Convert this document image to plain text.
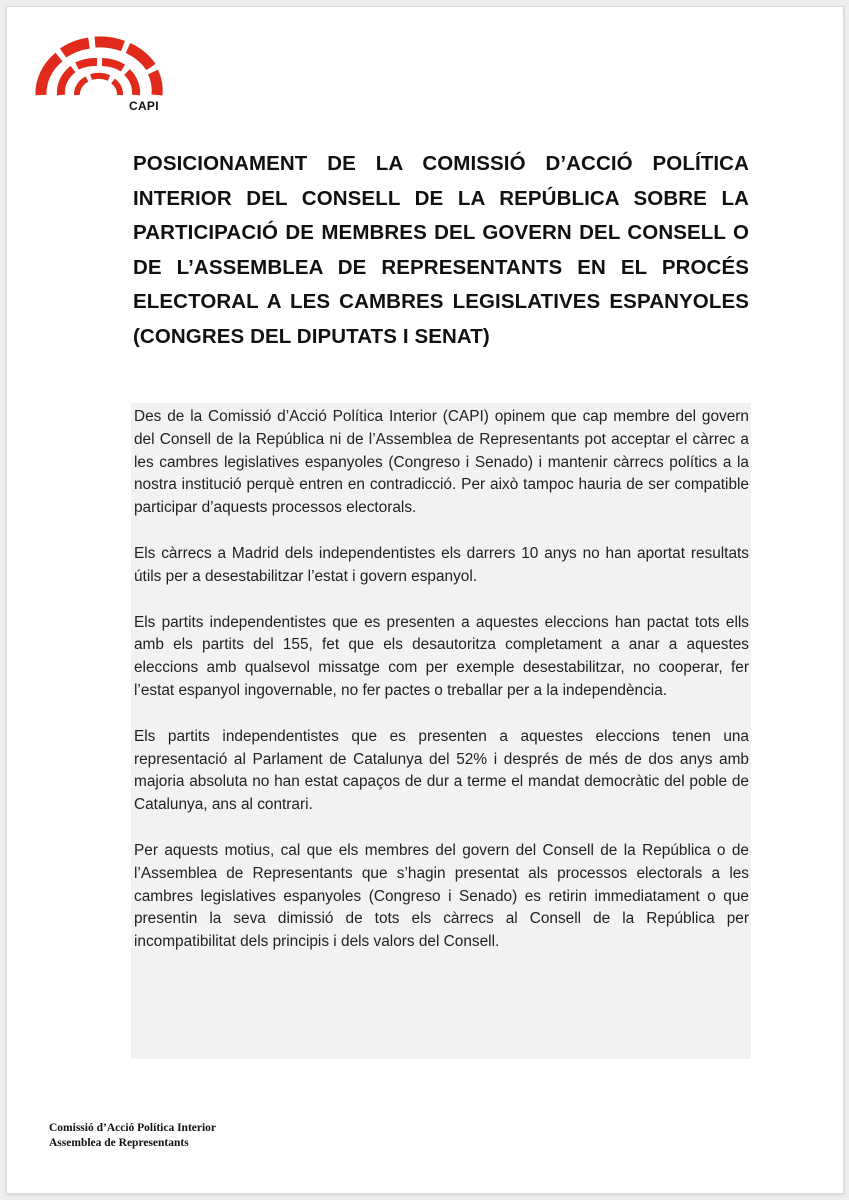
CAPI
POSICIONAMENT DE LA COMISSIÓ D’ACCIÓ POLÍTICA INTERIOR DEL CONSELL DE LA REPÚBLICA SOBRE LA PARTICIPACIÓ DE MEMBRES DEL GOVERN DEL CONSELL O DE L’ASSEMBLEA DE REPRESENTANTS EN EL PROCÉS ELECTORAL A LES CAMBRES LEGISLATIVES ESPANYOLES (CONGRES DEL DIPUTATS I SENAT)

Des de la Comissió d’Acció Política Interior (CAPI) opinem que cap membre del govern del Consell de la República ni de l’Assemblea de Representants pot acceptar el càrrec a les cambres legislatives espanyoles (Congreso i Senado) i mantenir càrrecs polítics a la nostra institució perquè entren en contradicció. Per això tampoc hauria de ser compatible participar d’aquests processos electorals.

Els càrrecs a Madrid dels independentistes els darrers 10 anys no han aportat resultats útils per a desestabilitzar l’estat i govern espanyol.

Els partits independentistes que es presenten a aquestes eleccions han pactat tots ells amb els partits del 155, fet que els desautoritza completament a anar a aquestes eleccions amb qualsevol missatge com per exemple desestabilitzar, no cooperar, fer l’estat espanyol ingovernable, no fer pactes o treballar per a la independència.

Els partits independentistes que es presenten a aquestes eleccions tenen una representació al Parlament de Catalunya del 52% i després de més de dos anys amb majoria absoluta no han estat capaços de dur a terme el mandat democràtic del poble de Catalunya, ans al contrari.

Per aquests motius, cal que els membres del govern del Consell de la República o de l’Assemblea de Representants que s’hagin presentat als processos electorals a les cambres legislatives espanyoles (Congreso i Senado) es retirin immediatament o que presentin la seva dimissió de tots els càrrecs al Consell de la República per incompatibilitat dels principis i dels valors del Consell.

Comissió d’Acció Política Interior
Assemblea de Representants
